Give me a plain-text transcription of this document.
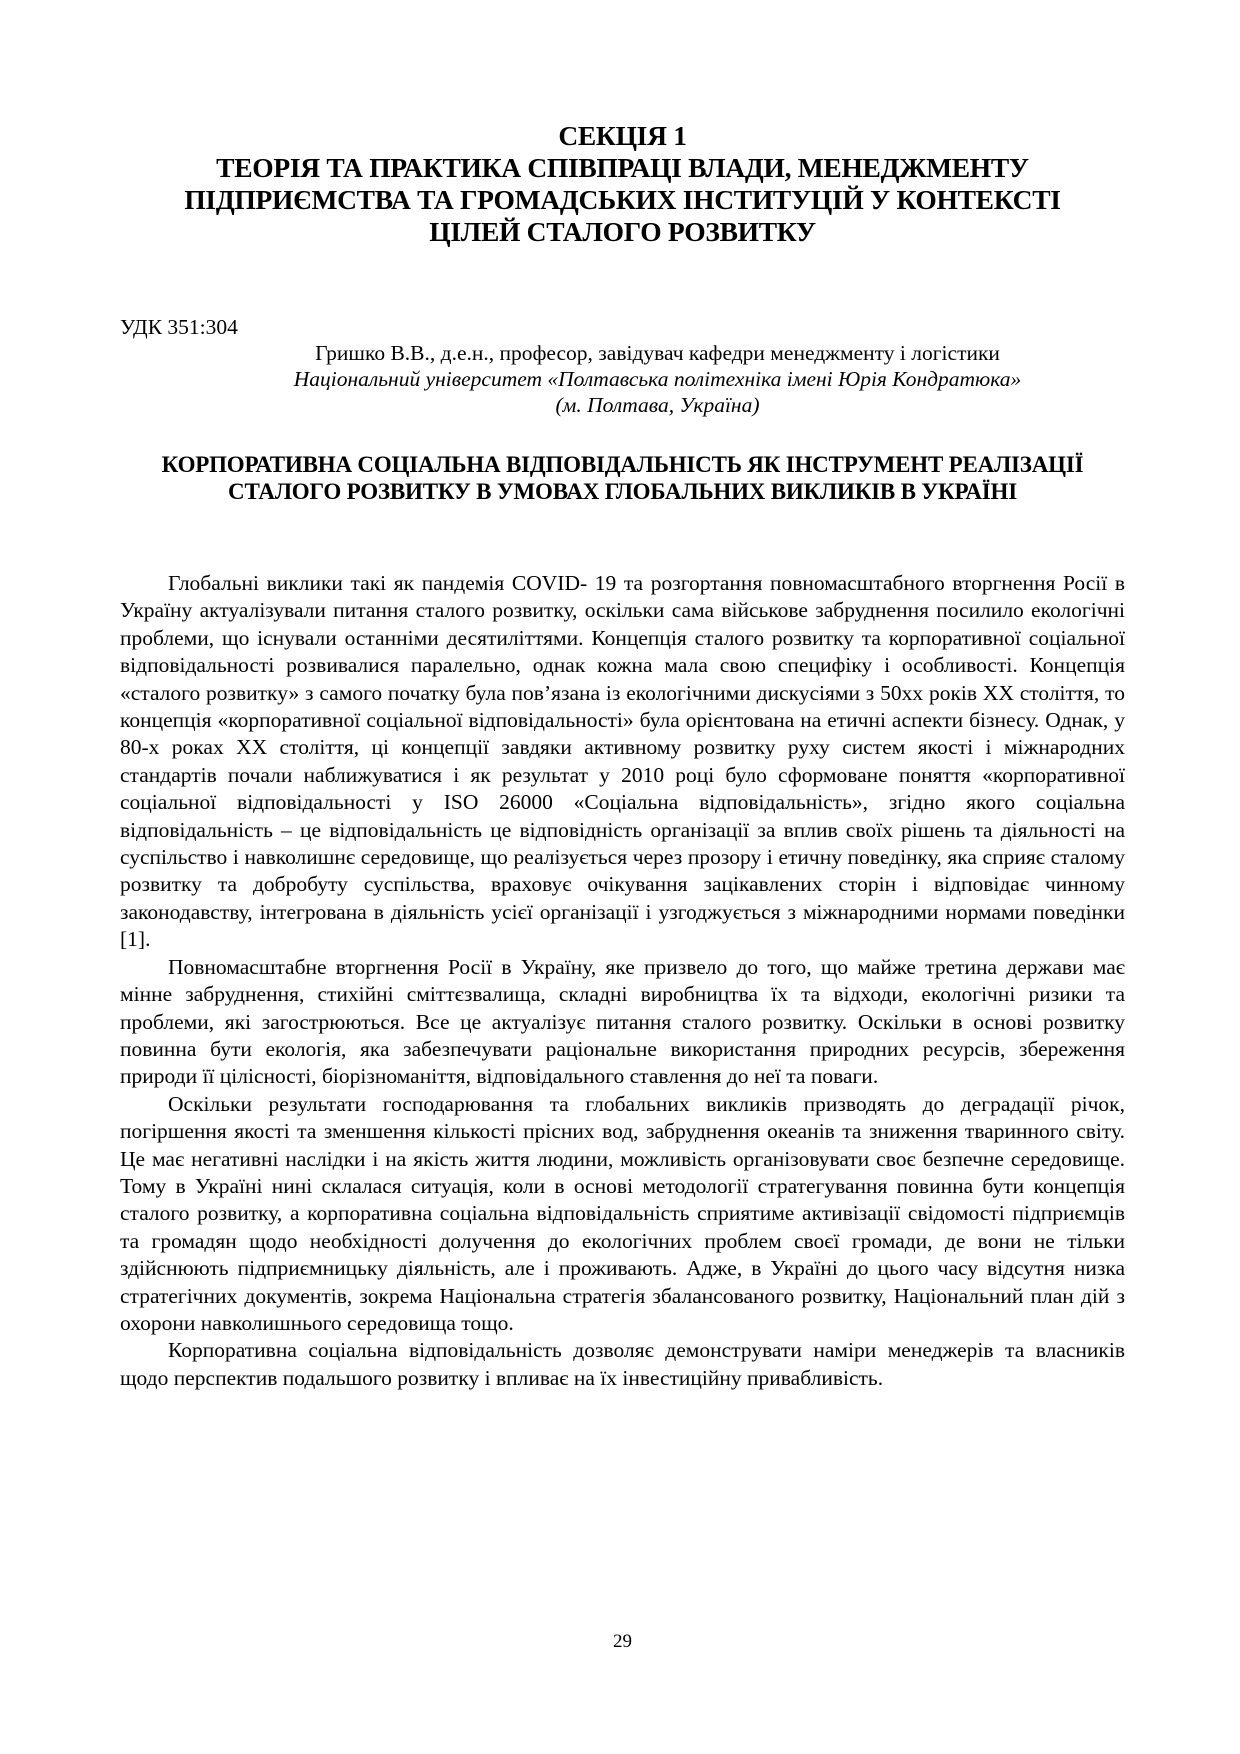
СЕКЦІЯ 1
ТЕОРІЯ ТА ПРАКТИКА СПІВПРАЦІ ВЛАДИ, МЕНЕДЖМЕНТУ
ПІДПРИЄМСТВА ТА ГРОМАДСЬКИХ ІНСТИТУЦІЙ У КОНТЕКСТІ
ЦІЛЕЙ СТАЛОГО РОЗВИТКУ
УДК 351:304
Гришко В.В., д.е.н., професор, завідувач кафедри менеджменту і логістики
Національний університет «Полтавська політехніка імені Юрія Кондратюка»
(м. Полтава, Україна)
КОРПОРАТИВНА СОЦІАЛЬНА ВІДПОВІДАЛЬНІСТЬ ЯК ІНСТРУМЕНТ РЕАЛІЗАЦІЇ СТАЛОГО РОЗВИТКУ В УМОВАХ ГЛОБАЛЬНИХ ВИКЛИКІВ В УКРАЇНІ

Глобальні виклики такі як пандемія COVID- 19 та розгортання повномасштабного вторгнення Росії в Україну актуалізували питання сталого розвитку, оскільки сама військове забруднення посилило екологічні проблеми, що існували останніми десятиліттями. Концепція сталого розвитку та корпоративної соціальної відповідальності розвивалися паралельно, однак кожна мала свою специфіку і особливості. Концепція «сталого розвитку» з самого початку була пов’язана із екологічними дискусіями з 50хх років ХХ століття, то концепція «корпоративної соціальної відповідальності» була орієнтована на етичні аспекти бізнесу. Однак, у 80-х роках ХХ століття, ці концепції завдяки активному розвитку руху систем якості і міжнародних стандартів почали наближуватися і як результат у 2010 році було сформоване поняття «корпоративної соціальної відповідальності у ISO 26000 «Соціальна відповідальність», згідно якого соціальна відповідальність – це відповідальність це відповідність організації за вплив своїх рішень та діяльності на суспільство і навколишнє середовище, що реалізується через прозору і етичну поведінку, яка сприяє сталому розвитку та добробуту суспільства, враховує очікування зацікавлених сторін і відповідає чинному законодавству, інтегрована в діяльність усієї організації і узгоджується з міжнародними нормами поведінки [1].

Повномасштабне вторгнення Росії в Україну, яке призвело до того, що майже третина держави має мінне забруднення, стихійні сміттєзвалища, складні виробництва їх та відходи, екологічні ризики та проблеми, які загострюються. Все це актуалізує питання сталого розвитку. Оскільки в основі розвитку повинна бути екологія, яка забезпечувати раціональне використання природних ресурсів, збереження природи її цілісності, біорізноманіття, відповідального ставлення до неї та поваги.

Оскільки результати господарювання та глобальних викликів призводять до деградації річок, погіршення якості та зменшення кількості прісних вод, забруднення океанів та зниження тваринного світу. Це має негативні наслідки і на якість життя людини, можливість організовувати своє безпечне середовище. Тому в Україні нині склалася ситуація, коли в основі методології стратегування повинна бути концепція сталого розвитку, а корпоративна соціальна відповідальність сприятиме активізації свідомості підприємців та громадян щодо необхідності долучення до екологічних проблем своєї громади, де вони не тільки здійснюють підприємницьку діяльність, але і проживають. Адже, в Україні до цього часу відсутня низка стратегічних документів, зокрема Національна стратегія збалансованого розвитку, Національний план дій з охорони навколишнього середовища тощо.

Корпоративна соціальна відповідальність дозволяє демонструвати наміри менеджерів та власників щодо перспектив подальшого розвитку і впливає на їх інвестиційну привабливість.

29
